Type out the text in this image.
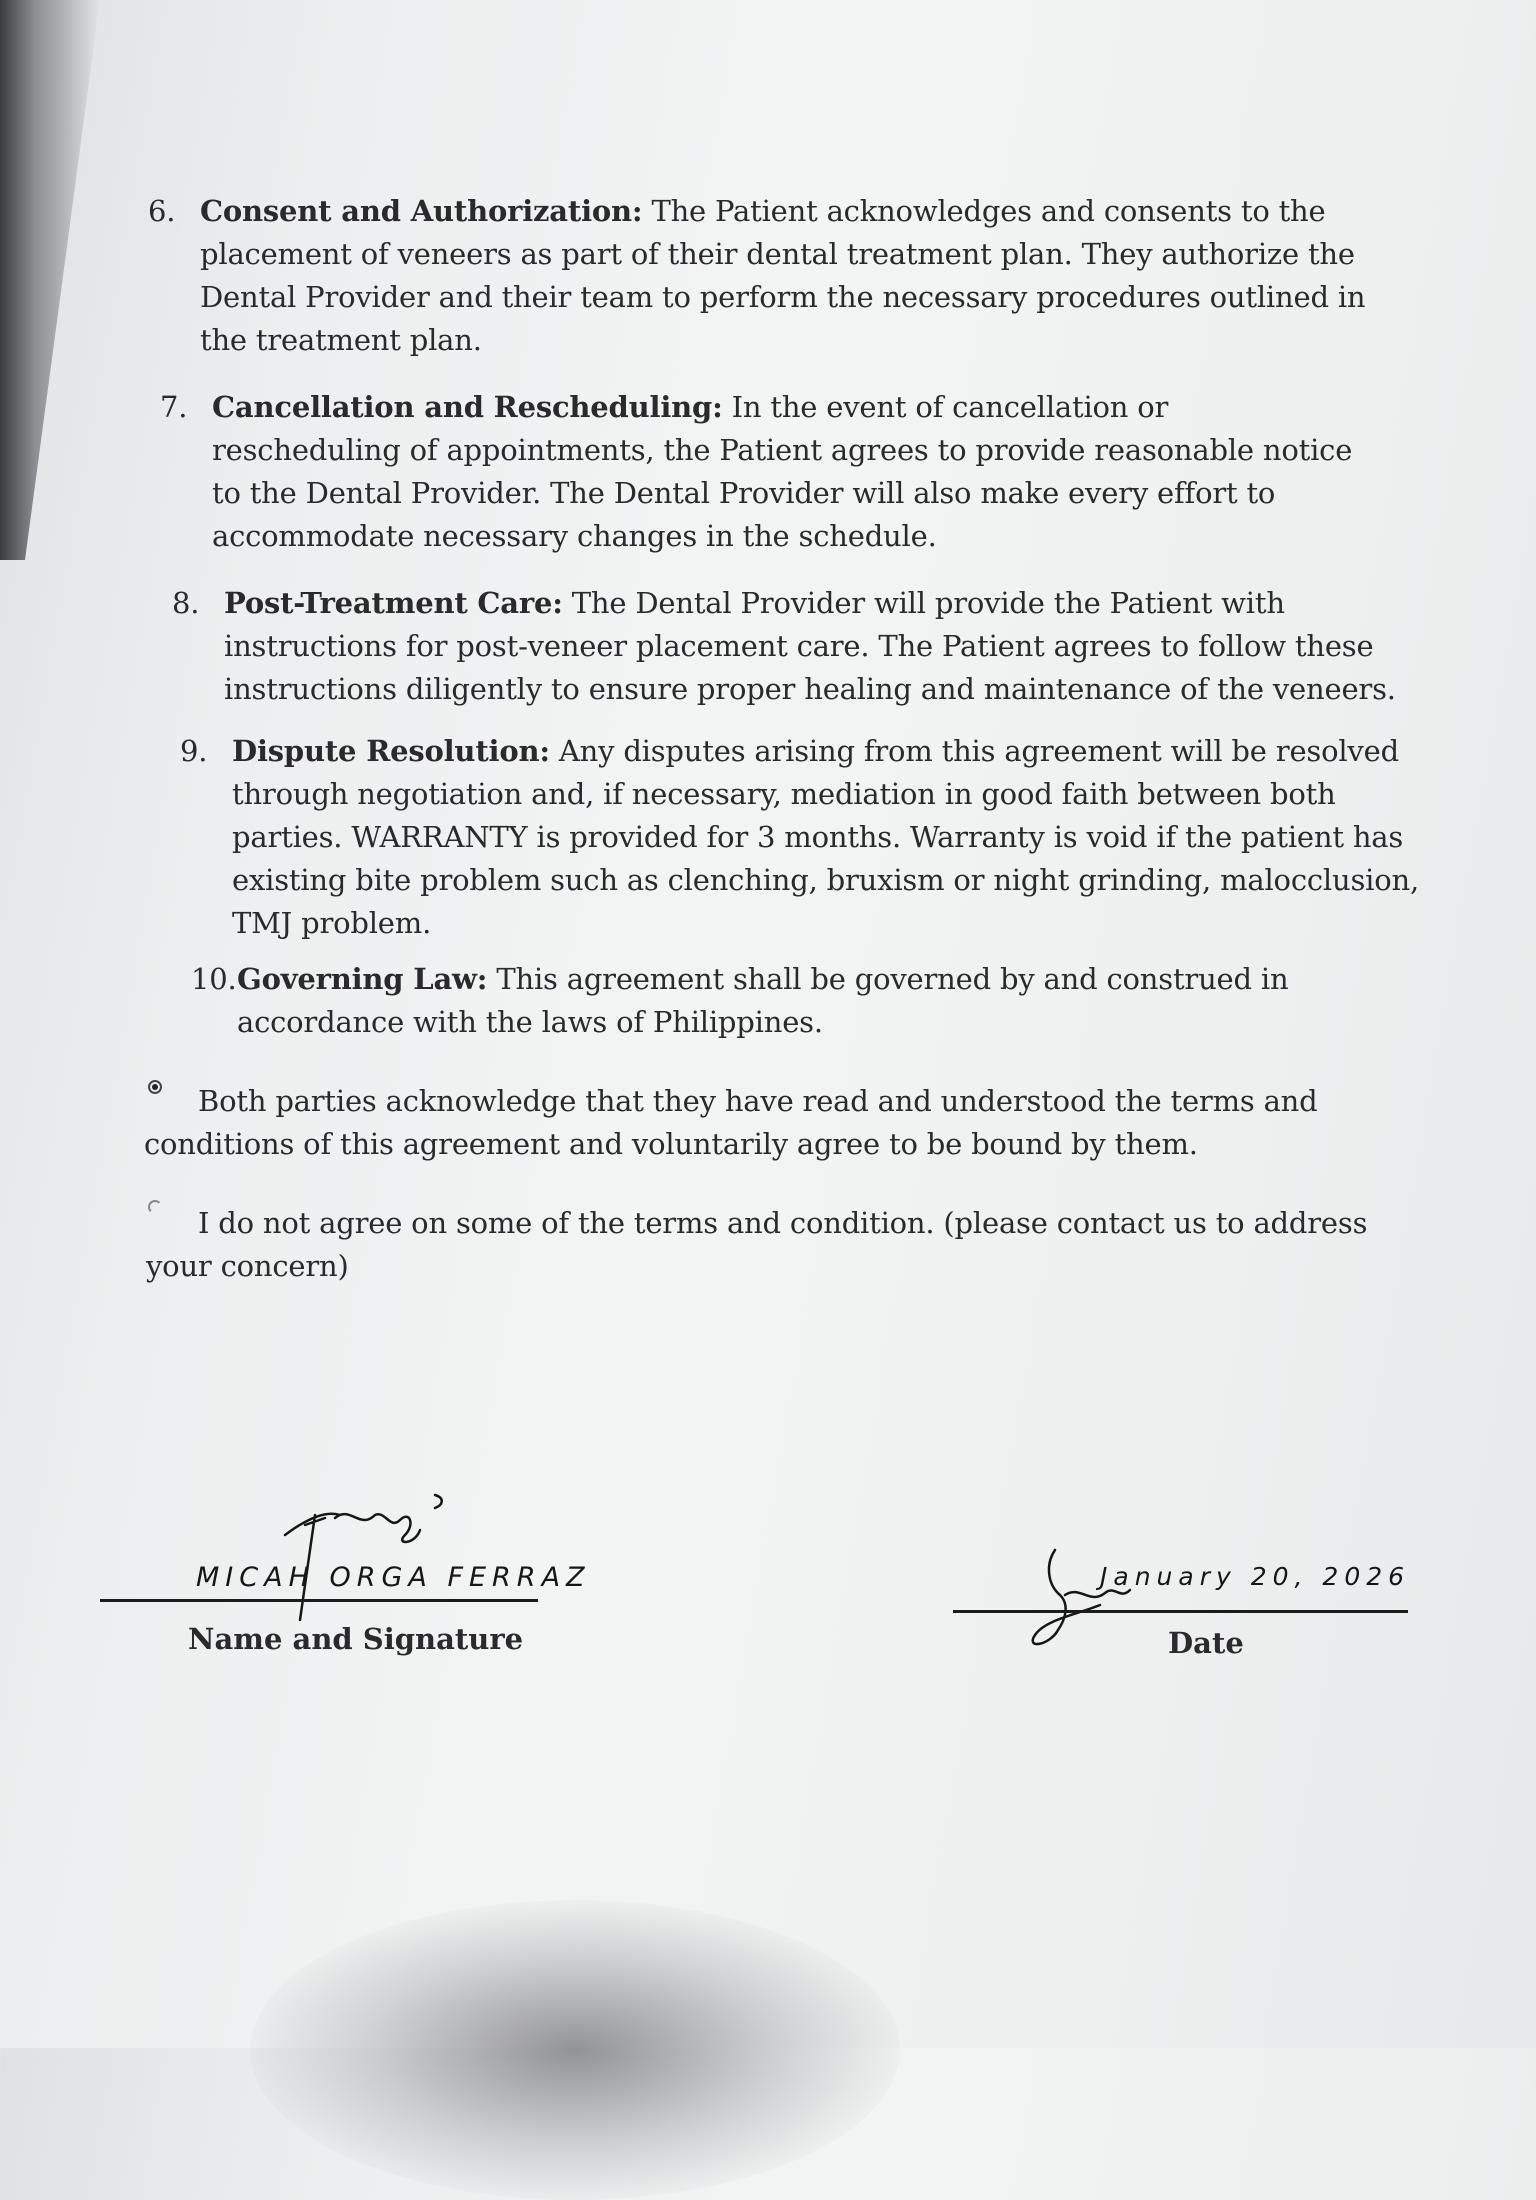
6. Consent and Authorization: The Patient acknowledges and consents to the placement of veneers as part of their dental treatment plan. They authorize the Dental Provider and their team to perform the necessary procedures outlined in the treatment plan.
7. Cancellation and Rescheduling: In the event of cancellation or rescheduling of appointments, the Patient agrees to provide reasonable notice to the Dental Provider. The Dental Provider will also make every effort to accommodate necessary changes in the schedule.
8. Post-Treatment Care: The Dental Provider will provide the Patient with instructions for post-veneer placement care. The Patient agrees to follow these instructions diligently to ensure proper healing and maintenance of the veneers.
9. Dispute Resolution: Any disputes arising from this agreement will be resolved through negotiation and, if necessary, mediation in good faith between both parties. WARRANTY is provided for 3 months. Warranty is void if the patient has existing bite problem such as clenching, bruxism or night grinding, malocclusion, TMJ problem.
10. Governing Law: This agreement shall be governed by and construed in accordance with the laws of Philippines.
Both parties acknowledge that they have read and understood the terms and conditions of this agreement and voluntarily agree to be bound by them.
I do not agree on some of the terms and condition. (please contact us to address your concern)
MICAH ORGA FERRAZ
Name and Signature
January 20, 2026
Date
